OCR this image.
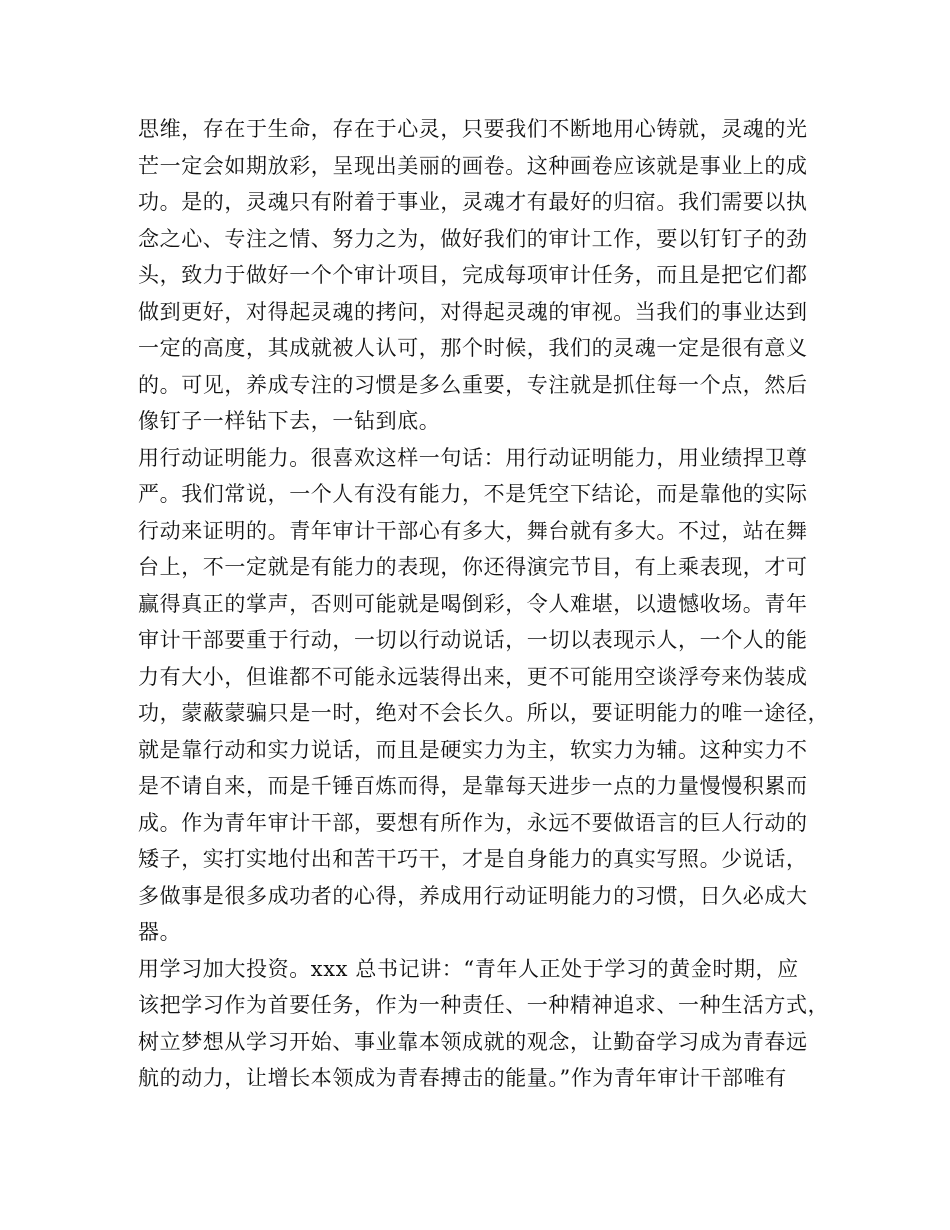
思维，存在于生命，存在于心灵，只要我们不断地用心铸就，灵魂的光
芒一定会如期放彩，呈现出美丽的画卷。这种画卷应该就是事业上的成
功。是的，灵魂只有附着于事业，灵魂才有最好的归宿。我们需要以执
念之心、专注之情、努力之为，做好我们的审计工作，要以钉钉子的劲
头，致力于做好一个个审计项目，完成每项审计任务，而且是把它们都
做到更好，对得起灵魂的拷问，对得起灵魂的审视。当我们的事业达到
一定的高度，其成就被人认可，那个时候，我们的灵魂一定是很有意义
的。可见，养成专注的习惯是多么重要，专注就是抓住每一个点，然后
像钉子一样钻下去，一钻到底。
用行动证明能力。很喜欢这样一句话：用行动证明能力，用业绩捍卫尊
严。我们常说，一个人有没有能力，不是凭空下结论，而是靠他的实际
行动来证明的。青年审计干部心有多大，舞台就有多大。不过，站在舞
台上，不一定就是有能力的表现，你还得演完节目，有上乘表现，才可
赢得真正的掌声，否则可能就是喝倒彩，令人难堪，以遗憾收场。青年
审计干部要重于行动，一切以行动说话，一切以表现示人，一个人的能
力有大小，但谁都不可能永远装得出来，更不可能用空谈浮夸来伪装成
功，蒙蔽蒙骗只是一时，绝对不会长久。所以，要证明能力的唯一途径，
就是靠行动和实力说话，而且是硬实力为主，软实力为辅。这种实力不
是不请自来，而是千锤百炼而得，是靠每天进步一点的力量慢慢积累而
成。作为青年审计干部，要想有所作为，永远不要做语言的巨人行动的
矮子，实打实地付出和苦干巧干，才是自身能力的真实写照。少说话，
多做事是很多成功者的心得，养成用行动证明能力的习惯，日久必成大
器。
用学习加大投资。xxx 总书记讲：“青年人正处于学习的黄金时期，应
该把学习作为首要任务，作为一种责任、一种精神追求、一种生活方式，
树立梦想从学习开始、事业靠本领成就的观念，让勤奋学习成为青春远
航的动力，让增长本领成为青春搏击的能量。”作为青年审计干部唯有
